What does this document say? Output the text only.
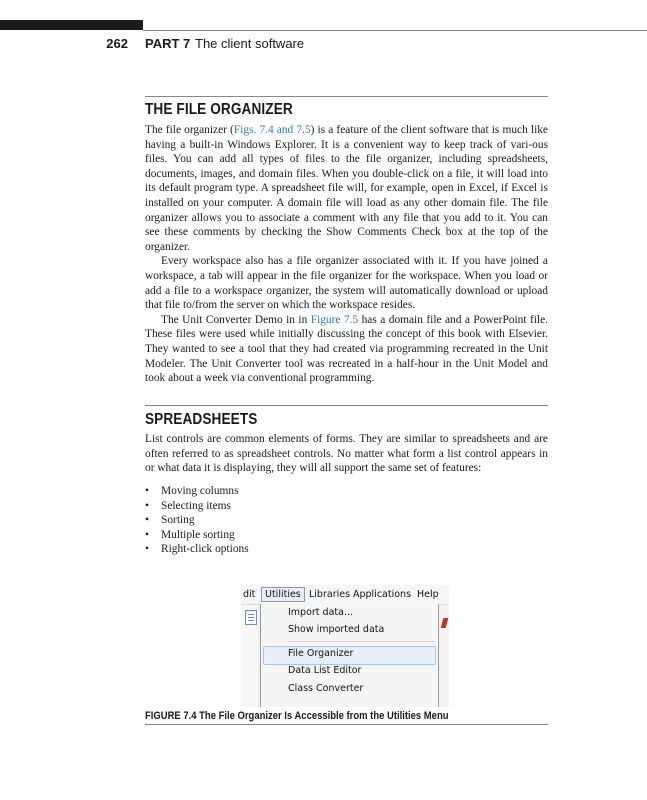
262 PART 7 The client software
THE FILE ORGANIZER

The file organizer (Figs. 7.4 and 7.5) is a feature of the client software that is much like having a built-in Windows Explorer. It is a convenient way to keep track of vari-ous files. You can add all types of files to the file organizer, including spreadsheets, documents, images, and domain files. When you double-click on a file, it will load into its default program type. A spreadsheet file will, for example, open in Excel, if Excel is installed on your computer. A domain file will load as any other domain file. The file organizer allows you to associate a comment with any file that you add to it. You can see these comments by checking the Show Comments Check box at the top of the organizer.

Every workspace also has a file organizer associated with it. If you have joined a workspace, a tab will appear in the file organizer for the workspace. When you load or add a file to a workspace organizer, the system will automatically download or upload that file to/from the server on which the workspace resides.

The Unit Converter Demo in in Figure 7.5 has a domain file and a PowerPoint file. These files were used while initially discussing the concept of this book with Elsevier. They wanted to see a tool that they had created via programming recreated in the Unit Modeler. The Unit Converter tool was recreated in a half-hour in the Unit Model and took about a week via conventional programming.

SPREADSHEETS

List controls are common elements of forms. They are similar to spreadsheets and are often referred to as spreadsheet controls. No matter what form a list control appears in or what data it is displaying, they will all support the same set of features:

• Moving columns
• Selecting items
• Sorting
• Multiple sorting
• Right-click options
dit	Utilities Libraries Applications Help
Import data...
Show imported data
File Organizer
Data List Editor
Class Converter
FIGURE 7.4 The File Organizer Is Accessible from the Utilities Menu
